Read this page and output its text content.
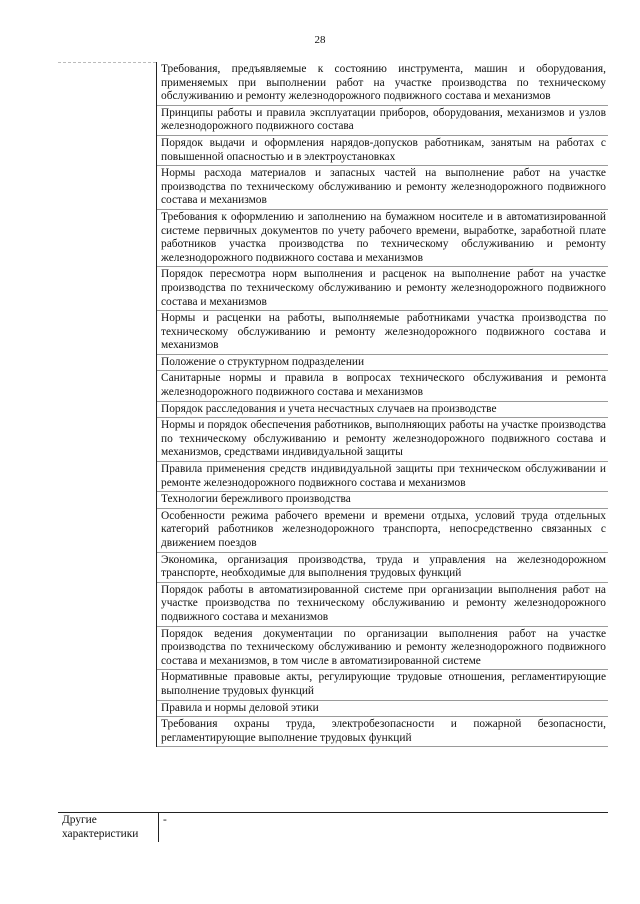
28
	Требования, предъявляемые к состоянию инструмента, машин и оборудования, применяемых при выполнении работ на участке производства по техническому обслуживанию и ремонту железнодорожного подвижного состава и механизмов
Принципы работы и правила эксплуатации приборов, оборудования, механизмов и узлов железнодорожного подвижного состава
Порядок выдачи и оформления нарядов-допусков работникам, занятым на работах с повышенной опасностью и в электроустановках
Нормы расхода материалов и запасных частей на выполнение работ на участке производства по техническому обслуживанию и ремонту железнодорожного подвижного состава и механизмов
Требования к оформлению и заполнению на бумажном носителе и в автоматизированной системе первичных документов по учету рабочего времени, выработке, заработной плате работников участка производства по техническому обслуживанию и ремонту железнодорожного подвижного состава и механизмов
Порядок пересмотра норм выполнения и расценок на выполнение работ на участке производства по техническому обслуживанию и ремонту железнодорожного подвижного состава и механизмов
Нормы и расценки на работы, выполняемые работниками участка производства по техническому обслуживанию и ремонту железнодорожного подвижного состава и механизмов
Положение о структурном подразделении
Санитарные нормы и правила в вопросах технического обслуживания и ремонта железнодорожного подвижного состава и механизмов
Порядок расследования и учета несчастных случаев на производстве
Нормы и порядок обеспечения работников, выполняющих работы на участке производства по техническому обслуживанию и ремонту железнодорожного подвижного состава и механизмов, средствами индивидуальной защиты
Правила применения средств индивидуальной защиты при техническом обслуживании и ремонте железнодорожного подвижного состава и механизмов
Технологии бережливого производства
Особенности режима рабочего времени и времени отдыха, условий труда отдельных категорий работников железнодорожного транспорта, непосредственно связанных с движением поездов
Экономика, организация производства, труда и управления на железнодорожном транспорте, необходимые для выполнения трудовых функций
Порядок работы в автоматизированной системе при организации выполнения работ на участке производства по техническому обслуживанию и ремонту железнодорожного подвижного состава и механизмов
Порядок ведения документации по организации выполнения работ на участке производства по техническому обслуживанию и ремонту железнодорожного подвижного состава и механизмов, в том числе в автоматизированной системе
Нормативные правовые акты, регулирующие трудовые отношения, регламентирующие выполнение трудовых функций
Правила и нормы деловой этики
Требования охраны труда, электробезопасности и пожарной безопасности, регламентирующие выполнение трудовых функций
Другие характеристики	-
